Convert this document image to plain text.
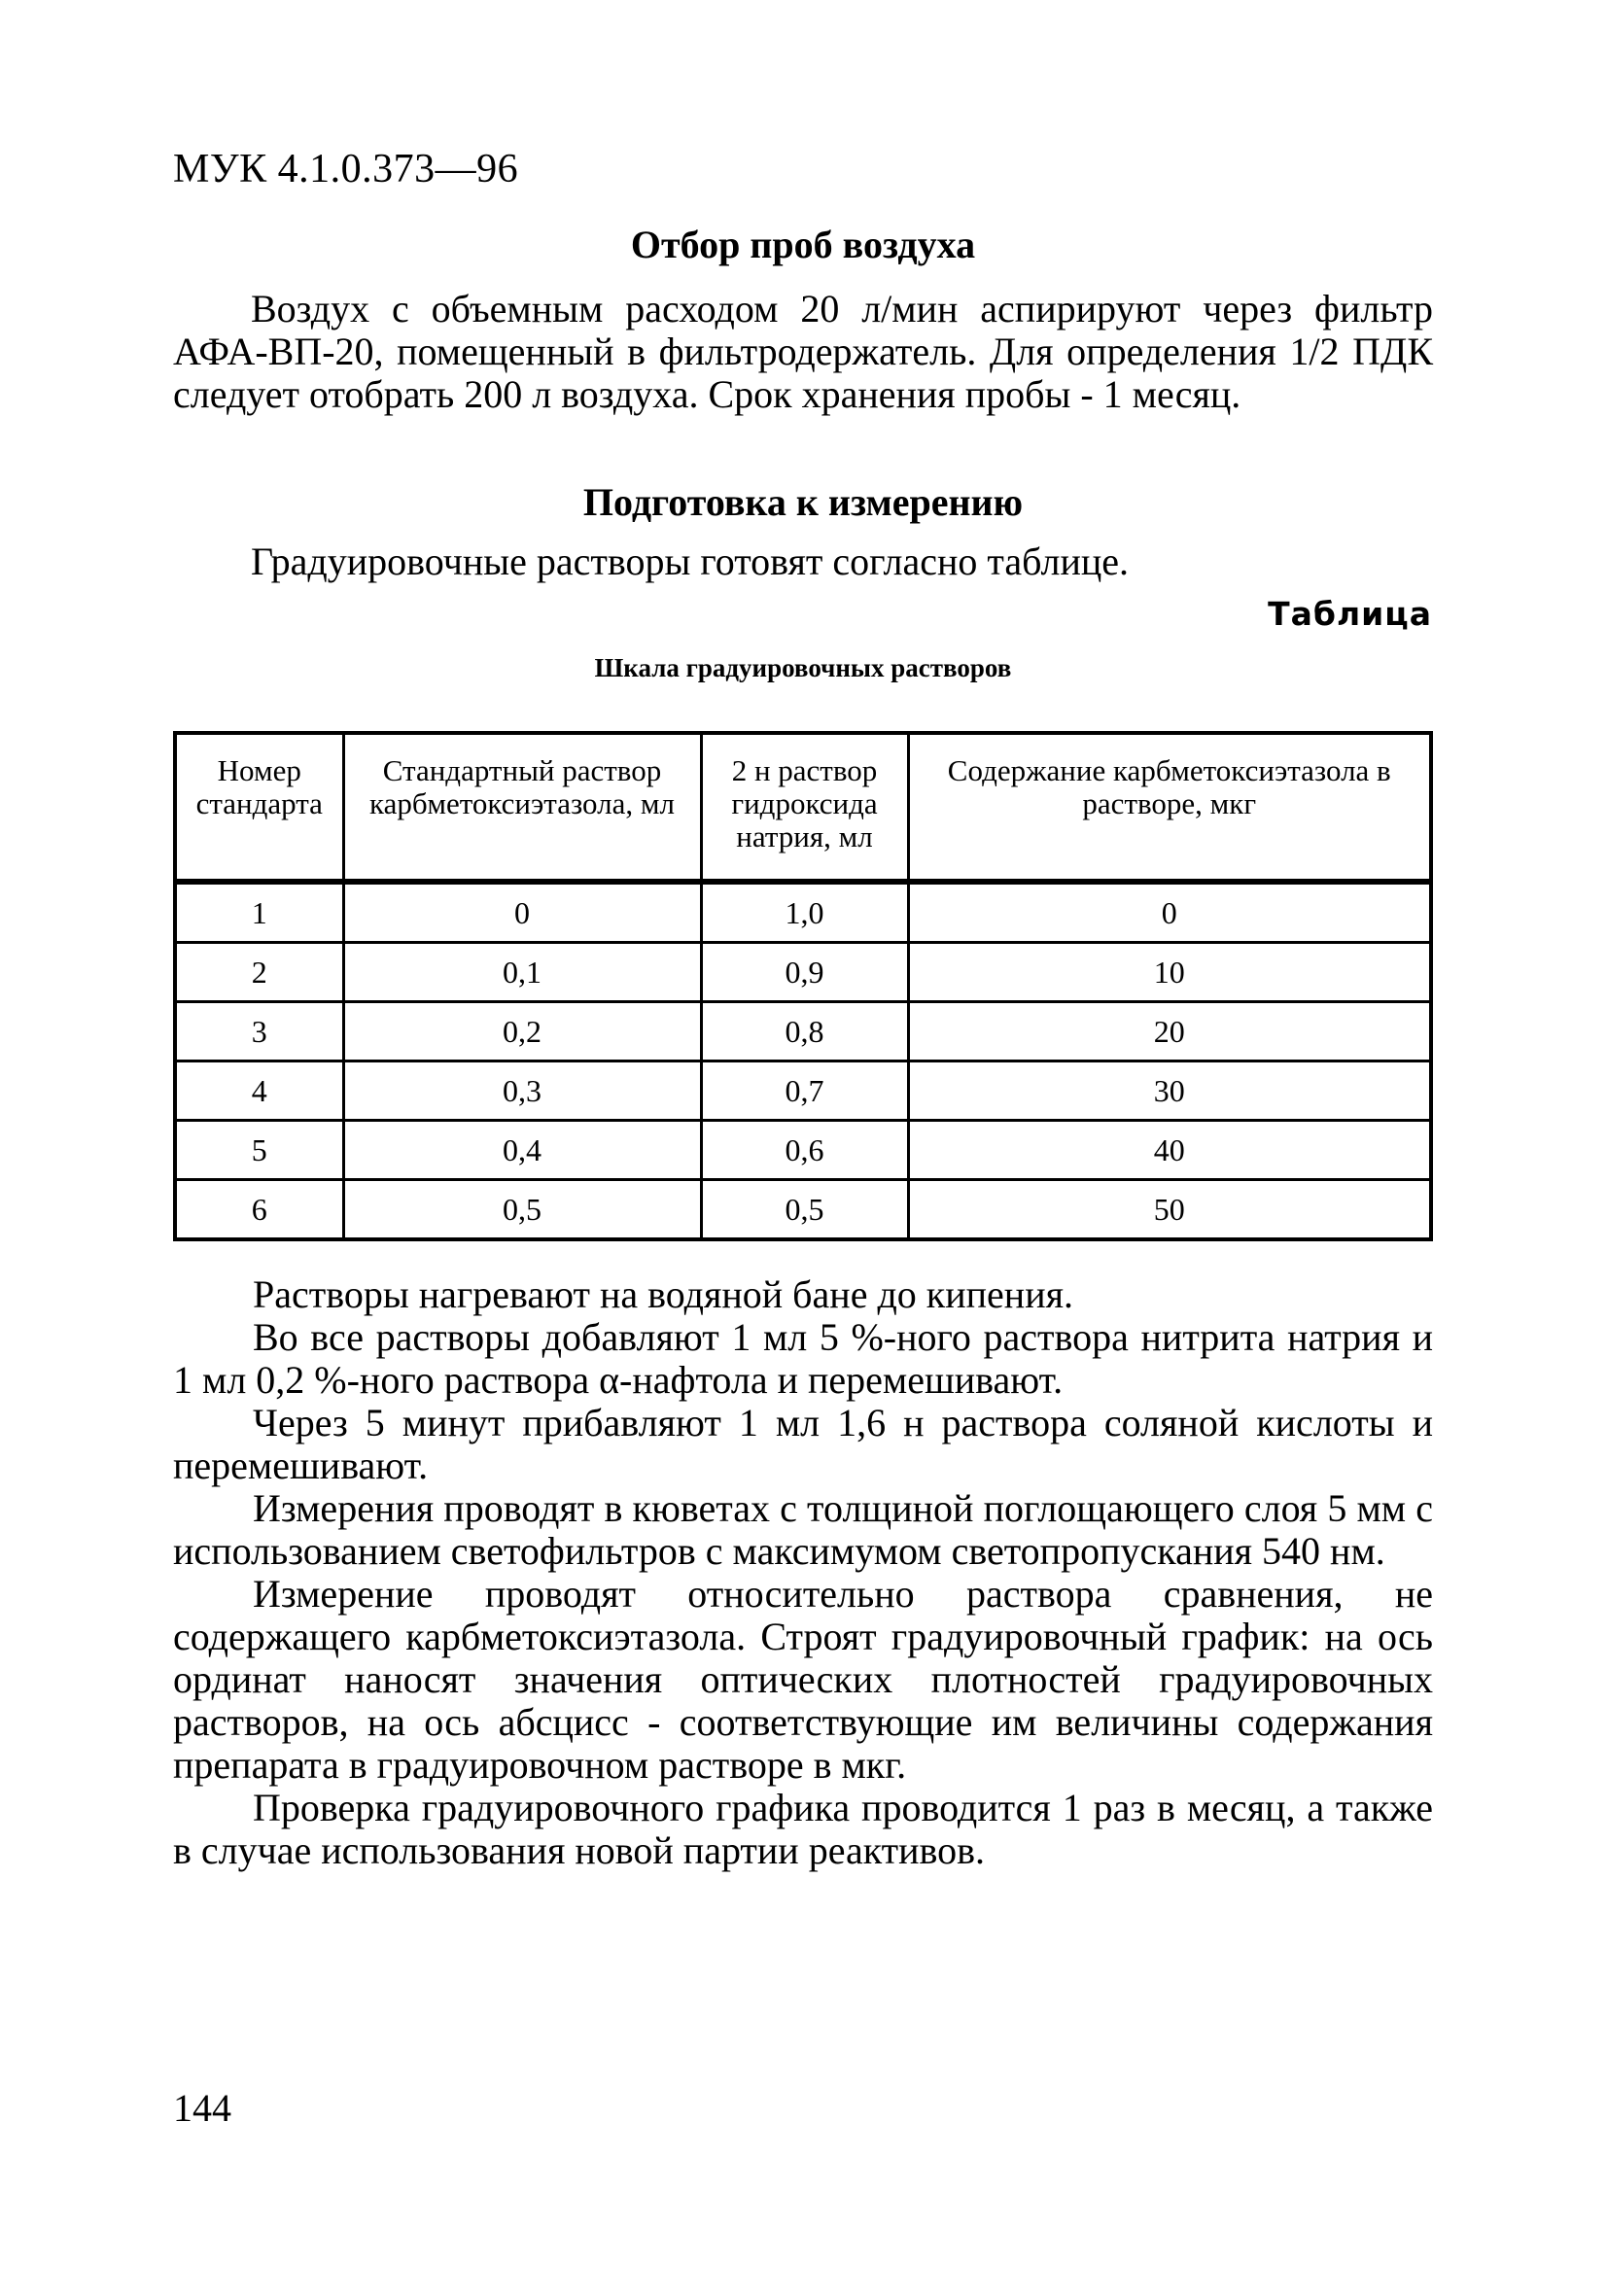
МУК 4.1.0.373—96
Отбор проб воздуха

Воздух с объемным расходом 20 л/мин аспирируют через фильтр АФА-ВП-20, помещенный в фильтродержатель. Для определения 1/2 ПДК следует отобрать 200 л воздуха. Срок хранения пробы - 1 месяц.

Подготовка к измерению

Градуировочные растворы готовят согласно таблице.

Таблица
Шкала градуировочных растворов
Номер стандарта	Стандартный раствор карбметоксиэтазола, мл	2 н раствор гидроксида натрия, мл	Содержание карбметоксиэтазола в растворе, мкг
1	0	1,0	0
2	0,1	0,9	10
3	0,2	0,8	20
4	0,3	0,7	30
5	0,4	0,6	40
6	0,5	0,5	50

Растворы нагревают на водяной бане до кипения.

Во все растворы добавляют 1 мл 5 %-ного раствора нитрита натрия и 1 мл 0,2 %-ного раствора α-нафтола и перемешивают.

Через 5 минут прибавляют 1 мл 1,6 н раствора соляной кислоты и перемешивают.

Измерения проводят в кюветах с толщиной поглощающего слоя 5 мм с использованием светофильтров с максимумом светопропускания 540 нм.

Измерение проводят относительно раствора сравнения, не содержащего карбметоксиэтазола. Строят градуировочный график: на ось ординат наносят значения оптических плотностей градуировочных растворов, на ось абсцисс - соответствующие им величины содержания препарата в градуировочном растворе в мкг.

Проверка градуировочного графика проводится 1 раз в месяц, а также в случае использования новой партии реактивов.

144
